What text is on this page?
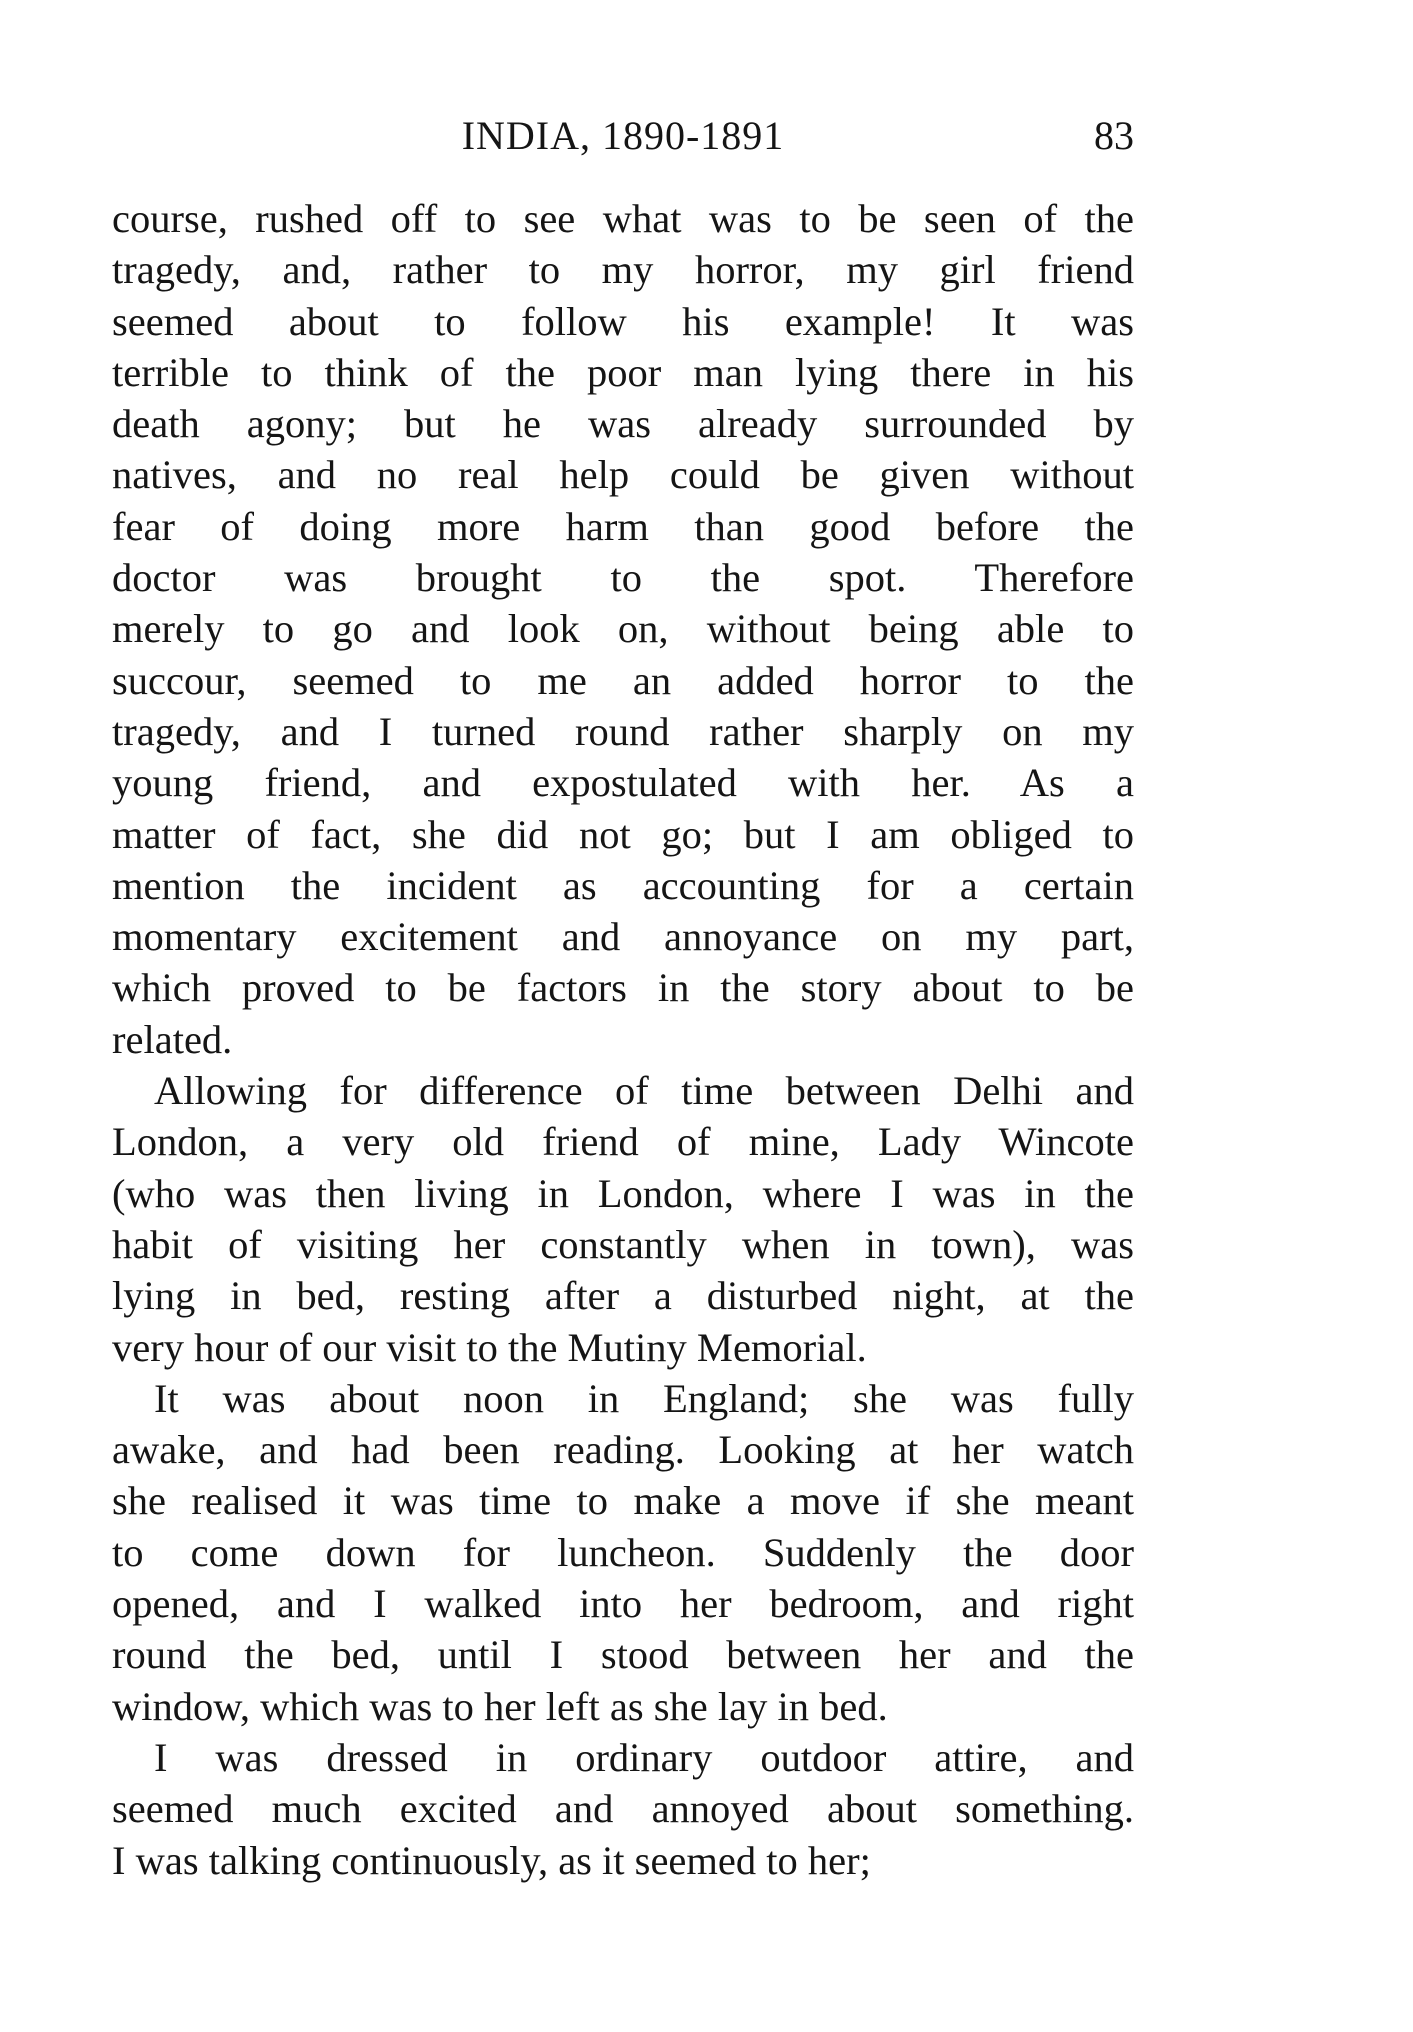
INDIA, 1890-1891	83
course, rushed off to see what was to be seen of the
tragedy, and, rather to my horror, my girl friend
seemed about to follow his example! It was
terrible to think of the poor man lying there in his
death agony; but he was already surrounded by
natives, and no real help could be given without
fear of doing more harm than good before the
doctor was brought to the spot. Therefore
merely to go and look on, without being able to
succour, seemed to me an added horror to the
tragedy, and I turned round rather sharply on my
young friend, and expostulated with her. As a
matter of fact, she did not go; but I am obliged to
mention the incident as accounting for a certain
momentary excitement and annoyance on my part,
which proved to be factors in the story about to be
related.
Allowing for difference of time between Delhi and
London, a very old friend of mine, Lady Wincote
(who was then living in London, where I was in the
habit of visiting her constantly when in town), was
lying in bed, resting after a disturbed night, at the
very hour of our visit to the Mutiny Memorial.
It was about noon in England; she was fully
awake, and had been reading. Looking at her watch
she realised it was time to make a move if she meant
to come down for luncheon. Suddenly the door
opened, and I walked into her bedroom, and right
round the bed, until I stood between her and the
window, which was to her left as she lay in bed.
I was dressed in ordinary outdoor attire, and
seemed much excited and annoyed about something.
I was talking continuously, as it seemed to her;
